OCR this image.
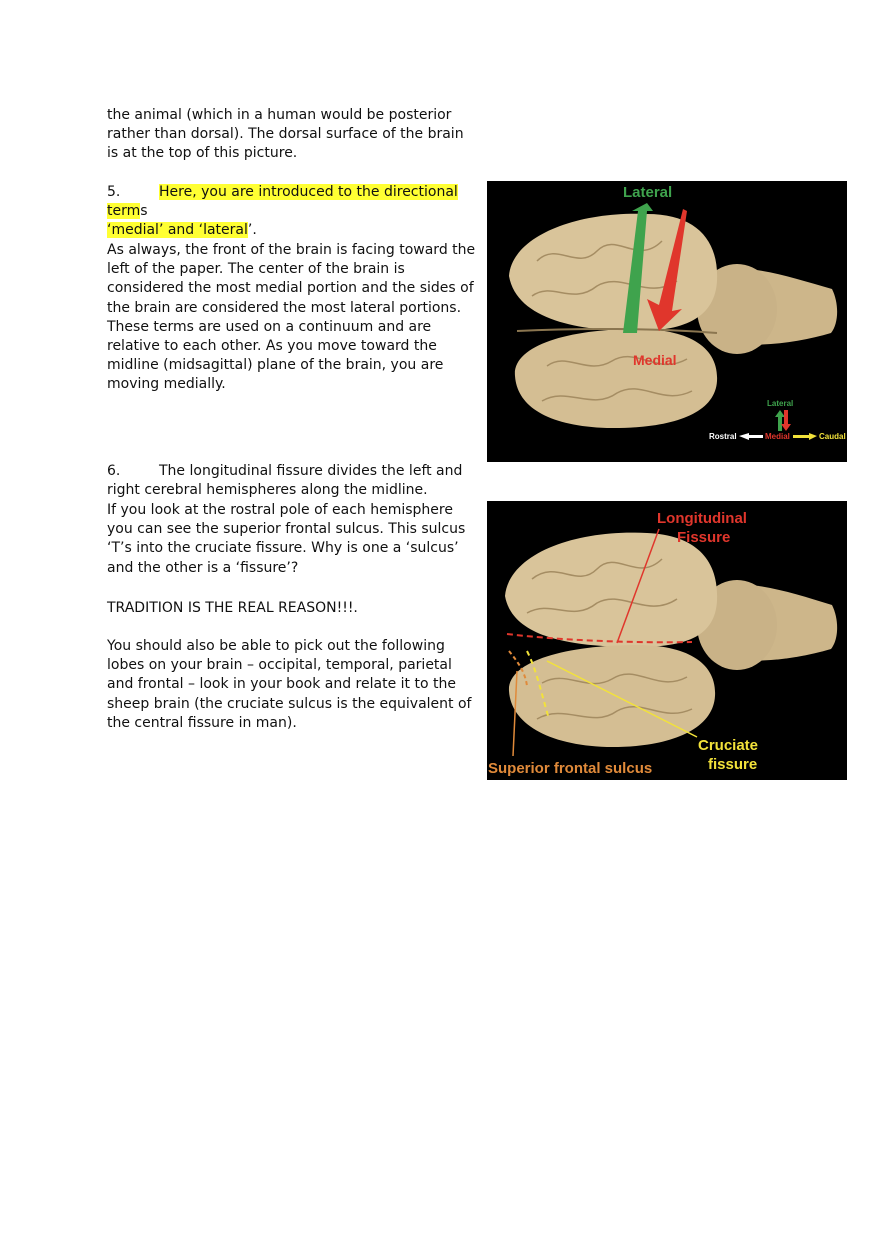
the animal (which in a human would be posterior rather than dorsal). The dorsal surface of the brain is at the top of this picture.
5.	Here, you are introduced to the directional terms
‘medial’ and ‘lateral’.
As always, the front of the brain is facing toward the left of the paper. The center of the brain is considered the most medial portion and the sides of the brain are considered the most lateral portions. These terms are used on a continuum and are relative to each other. As you move toward the midline (midsagittal) plane of the brain, you are moving medially.
Lateral
Medial
Lateral
Rostral	Medial	Caudal
6.	The longitudinal fissure divides the left and right cerebral hemispheres along the midline.
If you look at the rostral pole of each hemisphere you can see the superior frontal sulcus. This sulcus ‘T’s into the cruciate fissure. Why is one a ‘sulcus’ and the other is a ‘fissure’?
TRADITION IS THE REAL REASON!!!.
You should also be able to pick out the following lobes on your brain – occipital, temporal, parietal and frontal – look in your book and relate it to the sheep brain (the cruciate sulcus is the equivalent of the central fissure in man).
Longitudinal
Fissure
Cruciate
fissure
Superior frontal sulcus
